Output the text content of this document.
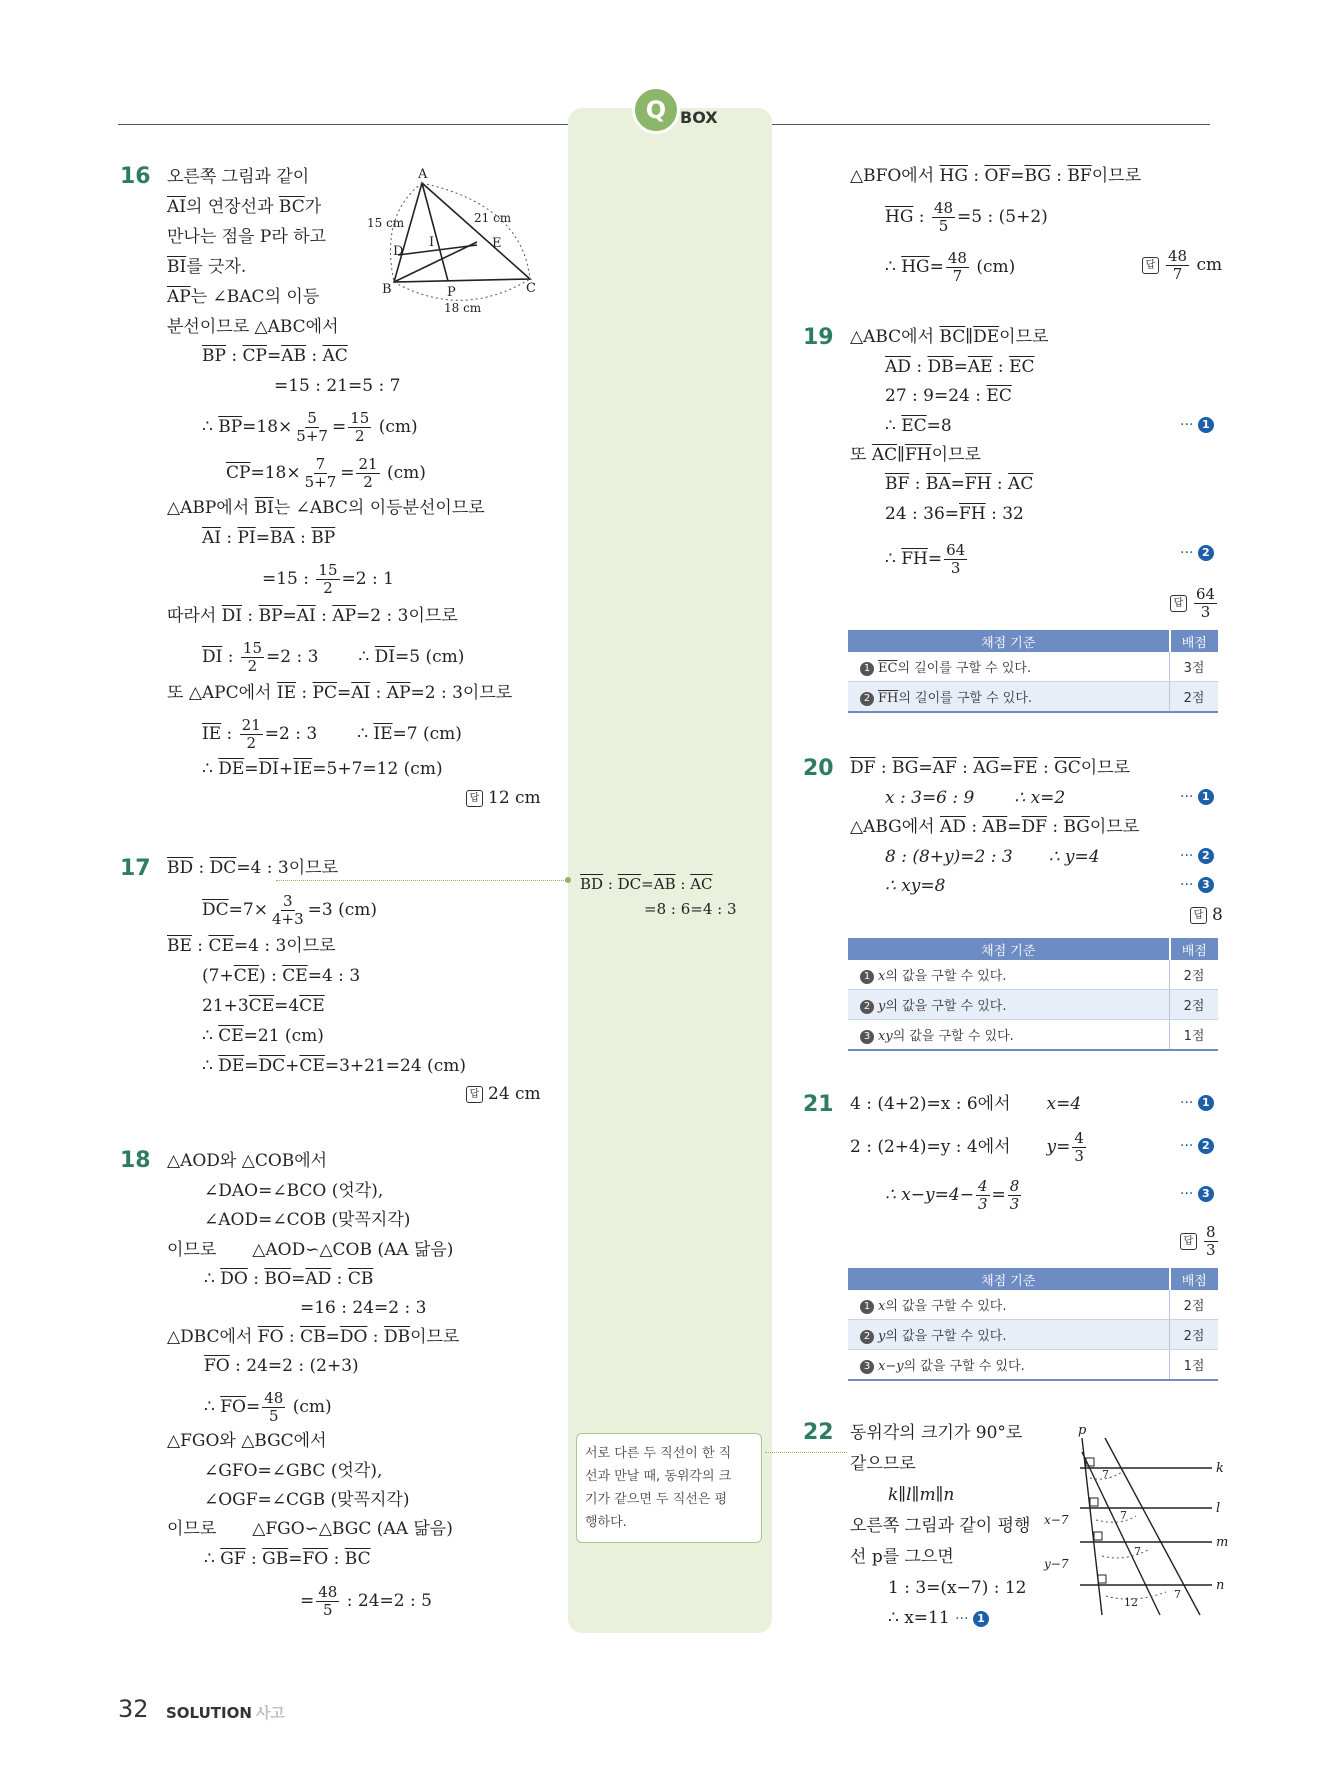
Q BOX
16 오른쪽 그림과 같이
$\overline{AI}$의 연장선과 $\overline{BC}$가
만나는 점을 P라 하고
$\overline{BI}$를 긋자.
$\overline{AP}$는 ∠BAC의 이등
분선이므로 △ABC에서
$\overline{BP}$ : $\overline{CP}=\overline{AB}$ : $\overline{AC}$
=15 : 21=5 : 7
∴ $\overline{BP}=18\times \frac{5}{5+7} = \frac{15}{2} (cm)$
$\overline{CP}=18\times \frac{7}{5+7} = \frac{21}{2} (cm)$
△ABP에서 $\overline{BI}$는 ∠ABC의 이등분선이므로
$\overline{AI}$ : $\overline{PI}=\overline{BA}$ : $\overline{BP}$
=15 : $\frac{15}{2} =2$ : 1
따라서 $\overline{DI}$ : $\overline{BP}=\overline{AI}$ : $\overline{AP}=2$ : 3이므로
$\overline{DI}$ : $\frac{15}{2} =2$ : 3 ∴ $\overline{DI}=5$ (cm)
또 △APC에서 $\overline{IE}$ : $\overline{PC}=\overline{AI}$ : $\overline{AP}=2$ : 3이므로
$\overline{IE}$ : $\frac{21}{2} =2$ : 3 ∴ $\overline{IE}=7$ (cm)
∴ $\overline{DE}=\overline{DI}+\overline{IE}=5+7=12$ (cm)
답 12 cm
A
B	C
D
E
I
P
15 cm	21 cm
18 cm
17 $\overline{BD}$ : $\overline{DC}=4$ : 3이므로
$\overline{DC}=7\times \frac{3}{4+3} =3$ (cm)
$\overline{BE}$ : $\overline{CE}=4$ : 3이므로
$(7+\overline{CE})$ : $\overline{CE}=4$ : 3
$21+3\overline{CE}=4\overline{CE}$
∴ $\overline{CE}=21$ (cm)
∴ $\overline{DE}=\overline{DC}+\overline{CE}=3+21=24$ (cm)
답 24 cm
$\overline{BD}$ : $\overline{DC}=\overline{AB}$ : $\overline{AC}$
=8 : 6=4 : 3
18 △AOD와 △COB에서
∠DAO=∠BCO (엇각),
∠AOD=∠COB (맞꼭지각)
이므로 △AOD∽△COB (AA 닮음)
∴ $\overline{DO}$ : $\overline{BO}=\overline{AD}$ : $\overline{CB}$
=16 : 24=2 : 3
△DBC에서 $\overline{FO}$ : $\overline{CB}=\overline{DO}$ : $\overline{DB}$이므로
$\overline{FO}$ : 24=2 : (2+3)
∴ $\overline{FO}= \frac{48}{5} (cm)$
△FGO와 △BGC에서
∠GFO=∠GBC (엇각),
∠OGF=∠CGB (맞꼭지각)
이므로 △FGO∽△BGC (AA 닮음)
∴ $\overline{GF}$ : $\overline{GB}=\overline{FO}$ : $\overline{BC}$
= $\frac{48}{5}$ : 24=2 : 5
△BFO에서 $\overline{HG}$ : $\overline{OF}=\overline{BG}$ : $\overline{BF}$이므로
$\overline{HG}$ : $\frac{48}{5} =5$ : (5+2)
∴ $\overline{HG}= \frac{48}{7} (cm)$	답 $\frac{48}{7}$ cm
19 △ABC에서 $\overline{BC}\parallel\overline{DE}$이므로
$\overline{AD}$ : $\overline{DB}=\overline{AE}$ : $\overline{EC}$
27 : 9=24 : $\overline{EC}$
∴ $\overline{EC}=8$	··· 1
또 $\overline{AC}\parallel\overline{FH}$이므로
$\overline{BF}$ : $\overline{BA}=\overline{FH}$ : $\overline{AC}$
24 : $36=\overline{FH}$ : 32
∴ $\overline{FH}= \frac{64}{3}$	··· 2
답 $\frac{64}{3}$
채점 기준	배점
1 $\overline{EC}$의 길이를 구할 수 있다.	3점
2 $\overline{FH}$의 길이를 구할 수 있다.	2점
20 $\overline{DF}$ : $\overline{BG}=\overline{AF}$ : $\overline{AG}=\overline{FE}$ : $\overline{GC}$이므로
x : 3=6 : 9 ∴ x=2	··· 1
△ABG에서 $\overline{AD}$ : $\overline{AB}=\overline{DF}$ : $\overline{BG}$이므로
8 : (8+y)=2 : 3 ∴ y=4	··· 2
∴ xy=8	··· 3
답 8
채점 기준	배점
1 x의 값을 구할 수 있다.	2점
2 y의 값을 구할 수 있다.	2점
3 xy의 값을 구할 수 있다.	1점
21 4 : (4+2)=x : 6에서 x=4	··· 1
2 : (2+4)=y : 4에서 $y= \frac{4}{3}$	··· 2
∴ $x-y=4- \frac{4}{3} = \frac{8}{3}$	··· 3
답 $\frac{8}{3}$
채점 기준	배점
1 x의 값을 구할 수 있다.	2점
2 y의 값을 구할 수 있다.	2점
3 x−y의 값을 구할 수 있다.	1점
22 동위각의 크기가 90°로
같으므로
k∥l∥m∥n
오른쪽 그림과 같이 평행
선 p를 그으면
1 : 3=(x−7) : 12
∴ x=11 ··· 1
p
k
l
m
n
x−7
y−7
7
7
7
12
7
서로 다른 두 직선이 한 직
선과 만날 때, 동위각의 크
기가 같으면 두 직선은 평
행하다.
32 SOLUTION 사고
